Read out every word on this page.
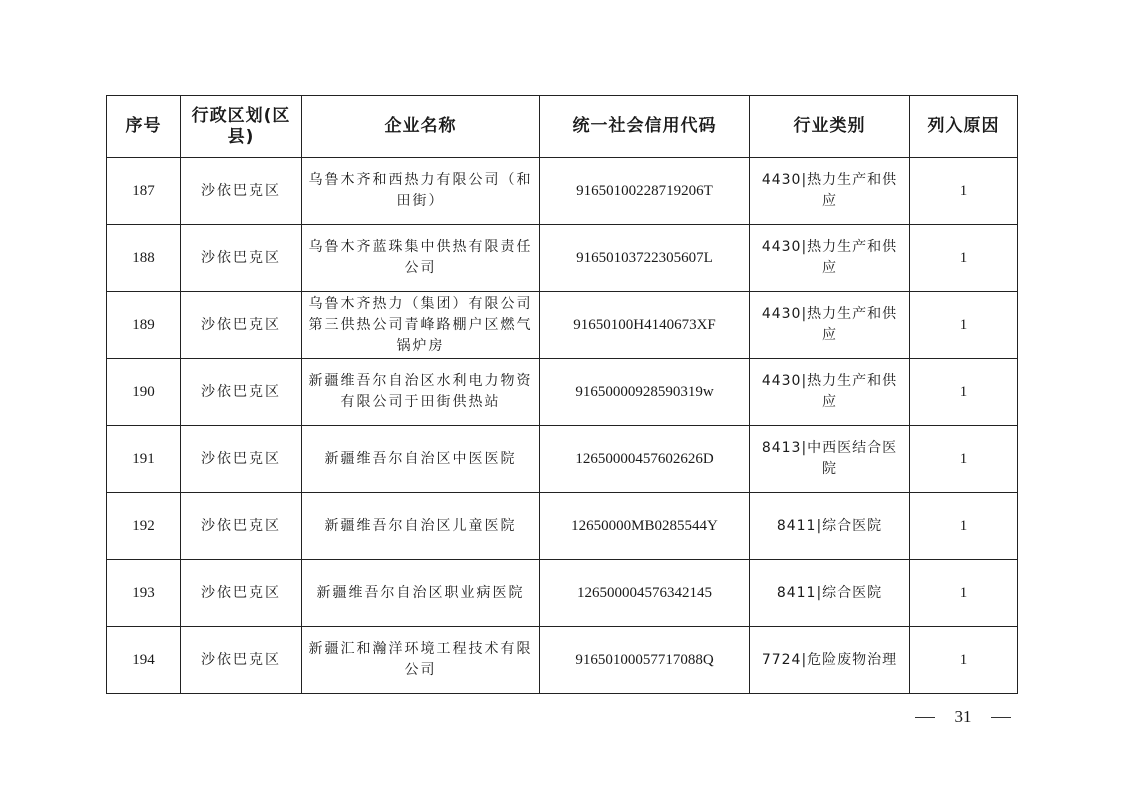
序号	行政区划(区县)	企业名称	统一社会信用代码	行业类别	列入原因
187	沙依巴克区	乌鲁木齐和西热力有限公司（和田街）	91650100228719206T	4430|热力生产和供应	1
188	沙依巴克区	乌鲁木齐蓝珠集中供热有限责任公司	91650103722305607L	4430|热力生产和供应	1
189	沙依巴克区	乌鲁木齐热力（集团）有限公司第三供热公司青峰路棚户区燃气锅炉房	91650100H4140673XF	4430|热力生产和供应	1
190	沙依巴克区	新疆维吾尔自治区水利电力物资有限公司于田街供热站	91650000928590319w	4430|热力生产和供应	1
191	沙依巴克区	新疆维吾尔自治区中医医院	12650000457602626D	8413|中西医结合医院	1
192	沙依巴克区	新疆维吾尔自治区儿童医院	12650000MB0285544Y	8411|综合医院	1
193	沙依巴克区	新疆维吾尔自治区职业病医院	126500004576342145	8411|综合医院	1
194	沙依巴克区	新疆汇和瀚洋环境工程技术有限公司	91650100057717088Q	7724|危险废物治理	1
31
